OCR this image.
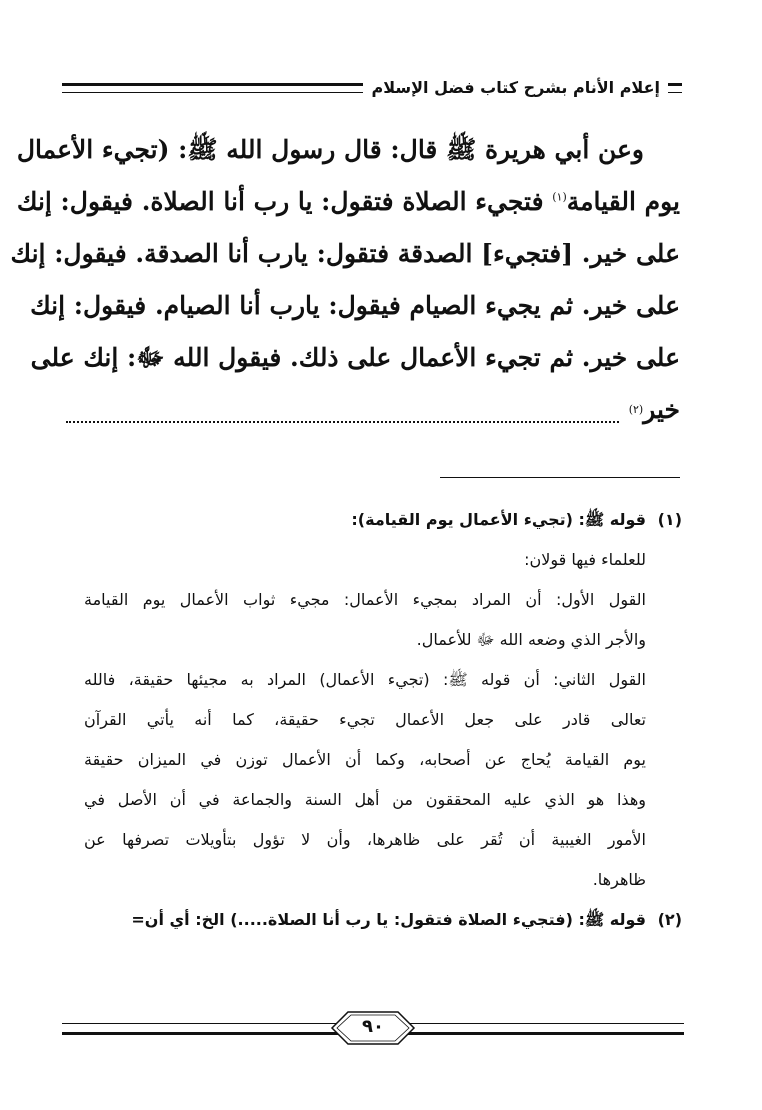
إعلام الأنام بشرح كتاب فضل الإسلام
وعن أبي هريرة ﷺ قال: قال رسول الله ﷺ: (تجيء الأعمال
يوم القيامة$^{(١)}$ فتجيء الصلاة فتقول: يا رب أنا الصلاة. فيقول: إنك
على خير. [فتجيء] الصدقة فتقول: يارب أنا الصدقة. فيقول: إنك
على خير. ثم يجيء الصيام فيقول: يارب أنا الصيام. فيقول: إنك
على خير. ثم تجيء الأعمال على ذلك. فيقول الله ﷻ: إنك على
خير
(٢)
(١)
قوله ﷺ: (تجيء الأعمال يوم القيامة):
للعلماء فيها قولان:
القول الأول: أن المراد بمجيء الأعمال: مجيء ثواب الأعمال يوم القيامة
والأجر الذي وضعه الله ﷻ للأعمال.
القول الثاني: أن قوله ﷺ: (تجيء الأعمال) المراد به مجيئها حقيقة، فالله
تعالى قادر على جعل الأعمال تجيء حقيقة، كما أنه يأتي القرآن
يوم القيامة يُحاج عن أصحابه، وكما أن الأعمال توزن في الميزان حقيقة
وهذا هو الذي عليه المحققون من أهل السنة والجماعة في أن الأصل في
الأمور الغيبية أن تُقر على ظاهرها، وأن لا تؤول بتأويلات تصرفها عن
ظاهرها.
(٢)
قوله ﷺ: (فتجيء الصلاة فتقول: يا رب أنا الصلاة.....) الخ: أي أن=
٩٠
